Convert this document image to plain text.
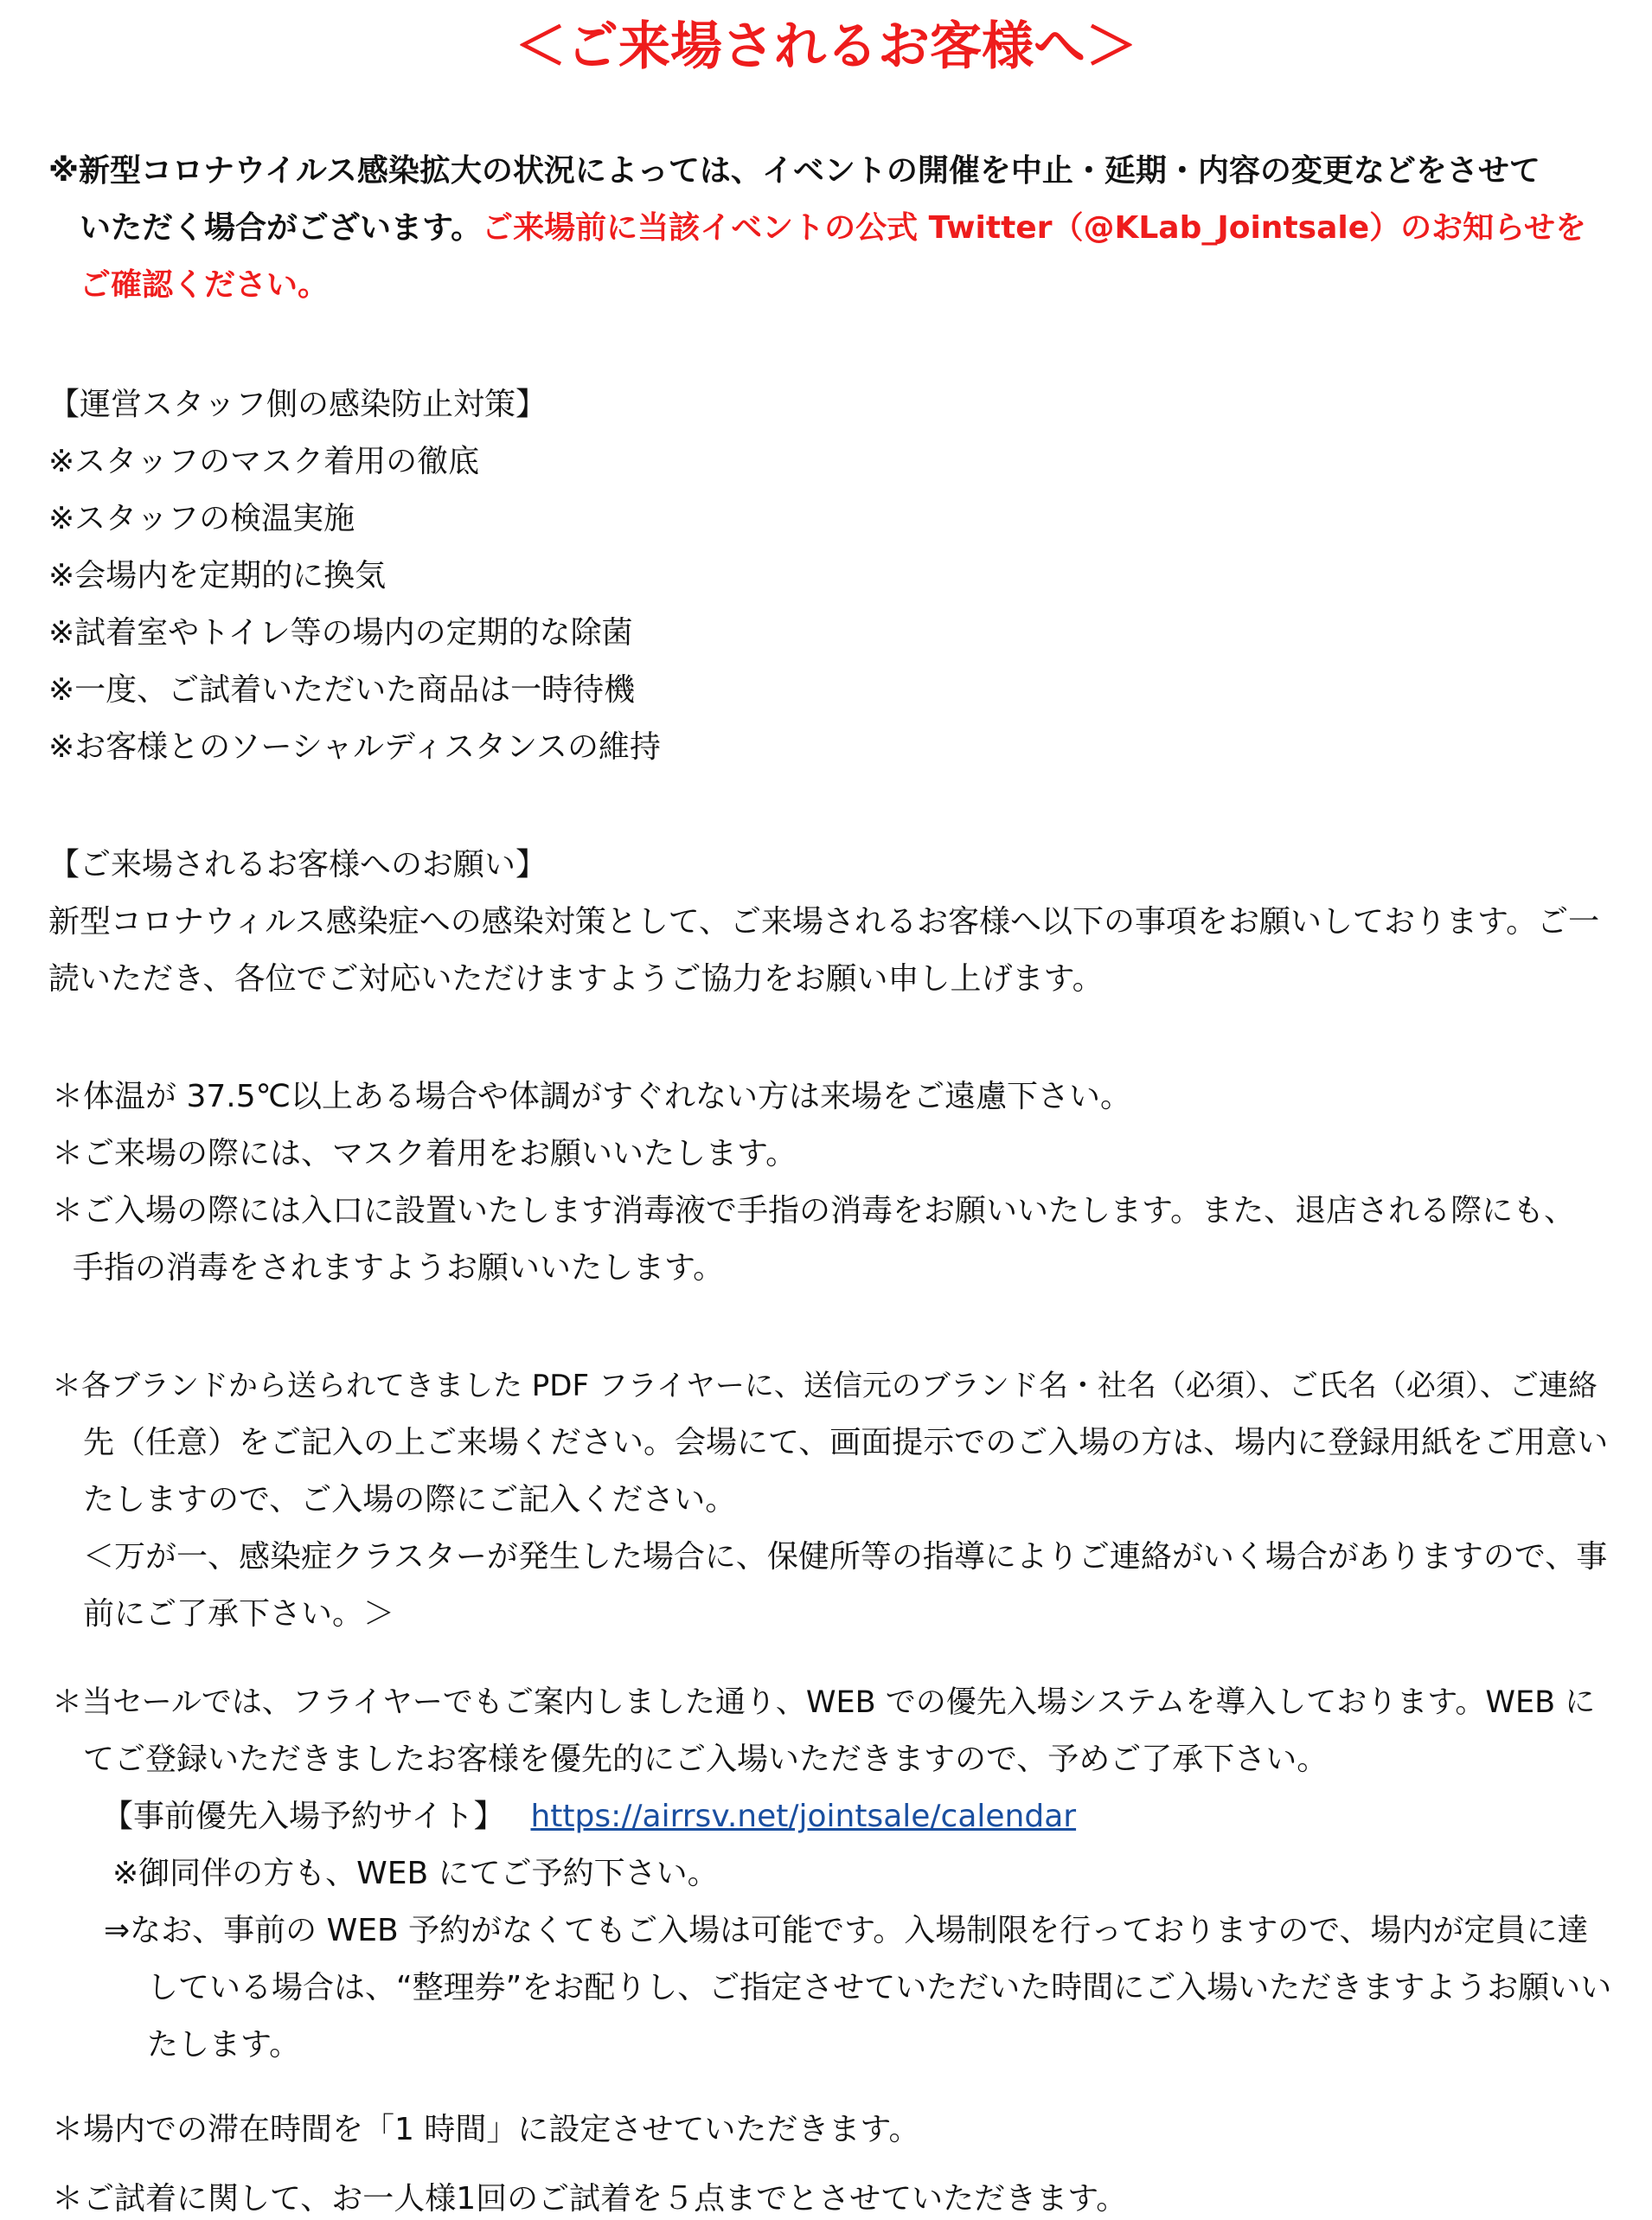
＜ご来場されるお客様へ＞

※新型コロナウイルス感染拡大の状況によっては、イベントの開催を中止・延期・内容の変更などをさせて

いただく場合がございます。ご来場前に当該イベントの公式 Twitter（@KLab_Jointsale）のお知らせを

ご確認ください。

【運営スタッフ側の感染防止対策】

※スタッフのマスク着用の徹底

※スタッフの検温実施

※会場内を定期的に換気

※試着室やトイレ等の場内の定期的な除菌

※一度、ご試着いただいた商品は一時待機

※お客様とのソーシャルディスタンスの維持

【ご来場されるお客様へのお願い】

新型コロナウィルス感染症への感染対策として、ご来場されるお客様へ以下の事項をお願いしております。ご一

読いただき、各位でご対応いただけますようご協力をお願い申し上げます。

＊体温が 37.5℃以上ある場合や体調がすぐれない方は来場をご遠慮下さい。

＊ご来場の際には、マスク着用をお願いいたします。

＊ご入場の際には入口に設置いたします消毒液で手指の消毒をお願いいたします。また、退店される際にも、

手指の消毒をされますようお願いいたします。

＊各ブランドから送られてきました PDF フライヤーに、送信元のブランド名・社名（必須）、ご氏名（必須）、ご連絡

先（任意）をご記入の上ご来場ください。会場にて、画面提示でのご入場の方は、場内に登録用紙をご用意い

たしますので、ご入場の際にご記入ください。

＜万が一、感染症クラスターが発生した場合に、保健所等の指導によりご連絡がいく場合がありますので、事

前にご了承下さい。＞

＊当セールでは、フライヤーでもご案内しました通り、WEB での優先入場システムを導入しております。WEB に

てご登録いただきましたお客様を優先的にご入場いただきますので、予めご了承下さい。

【事前優先入場予約サイト】 https://airrsv.net/jointsale/calendar

※御同伴の方も、WEB にてご予約下さい。

⇒なお、事前の WEB 予約がなくてもご入場は可能です。入場制限を行っておりますので、場内が定員に達

している場合は、“整理券”をお配りし、ご指定させていただいた時間にご入場いただきますようお願いい

たします。

＊場内での滞在時間を「1 時間」に設定させていただきます。

＊ご試着に関して、お一人様1回のご試着を５点までとさせていただきます。
